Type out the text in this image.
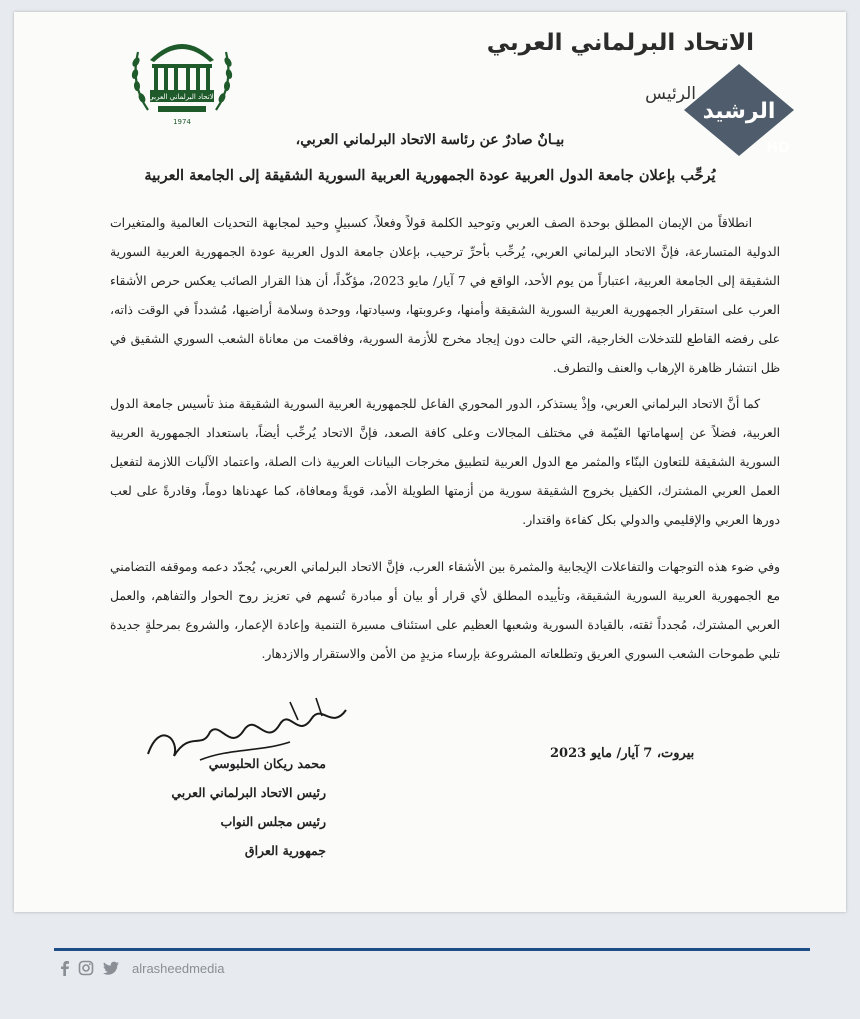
الاتحاد البرلماني العربي
الرئيس
الاتحاد البرلماني العربي
1974
بيـانٌ صادرٌ عن رئاسة الاتحاد البرلماني العربي،
يُرحِّب بإعلان جامعة الدول العربية عودة الجمهورية العربية السورية الشقيقة إلى الجامعة العربية

انطلاقاً من الإيمان المطلق بوحدة الصف العربي وتوحيد الكلمة قولاً وفعلاً، كسبيلٍ وحيد لمجابهة التحديات العالمية والمتغيرات الدولية المتسارعة، فإنَّ الاتحاد البرلماني العربي، يُرحِّب بأحرِّ ترحيب، بإعلان جامعة الدول العربية عودة الجمهورية العربية السورية الشقيقة إلى الجامعة العربية، اعتباراً من يوم الأحد، الواقع في 7 آيار/ مايو 2023، مؤكّداً، أن هذا القرار الصائب يعكس حرص الأشقاء العرب على استقرار الجمهورية العربية السورية الشقيقة وأمنها، وعروبتها، وسيادتها، ووحدة وسلامة أراضيها، مُشدداً في الوقت ذاته، على رفضه القاطع للتدخلات الخارجية، التي حالت دون إيجاد مخرج للأزمة السورية، وفاقمت من معاناة الشعب السوري الشقيق في ظل انتشار ظاهرة الإرهاب والعنف والتطرف.

كما أنَّ الاتحاد البرلماني العربي، وإذْ يستذكر، الدور المحوري الفاعل للجمهورية العربية السورية الشقيقة منذ تأسيس جامعة الدول العربية، فضلاً عن إسهاماتها القيّمة في مختلف المجالات وعلى كافة الصعد، فإنَّ الاتحاد يُرحِّب أيضاً، باستعداد الجمهورية العربية السورية الشقيقة للتعاون البنّاء والمثمر مع الدول العربية لتطبيق مخرجات البيانات العربية ذات الصلة، واعتماد الآليات اللازمة لتفعيل العمل العربي المشترك، الكفيل بخروج الشقيقة سورية من أزمتها الطويلة الأمد، قويةً ومعافاة، كما عهدناها دوماً، وقادرةً على لعب دورها العربي والإقليمي والدولي بكل كفاءة واقتدار.

وفي ضوء هذه التوجهات والتفاعلات الإيجابية والمثمرة بين الأشقاء العرب، فإنَّ الاتحاد البرلماني العربي، يُجدّد دعمه وموقفه التضامني مع الجمهورية العربية السورية الشقيقة، وتأييده المطلق لأي قرار أو بيان أو مبادرة تُسهم في تعزيز روح الحوار والتفاهم، والعمل العربي المشترك، مُجدداً ثقته، بالقيادة السورية وشعبها العظيم على استئناف مسيرة التنمية وإعادة الإعمار، والشروع بمرحلةٍ جديدة تلبي طموحات الشعب السوري العريق وتطلعاته المشروعة بإرساء مزيدٍ من الأمن والاستقرار والازدهار.

بيروت، 7 آيار/ مايو 2023
محمد ريكان الحلبوسي
رئيس الاتحاد البرلماني العربي
رئيس مجلس النواب
جمهورية العراق
الرشيد
HD
alrasheedmedia
